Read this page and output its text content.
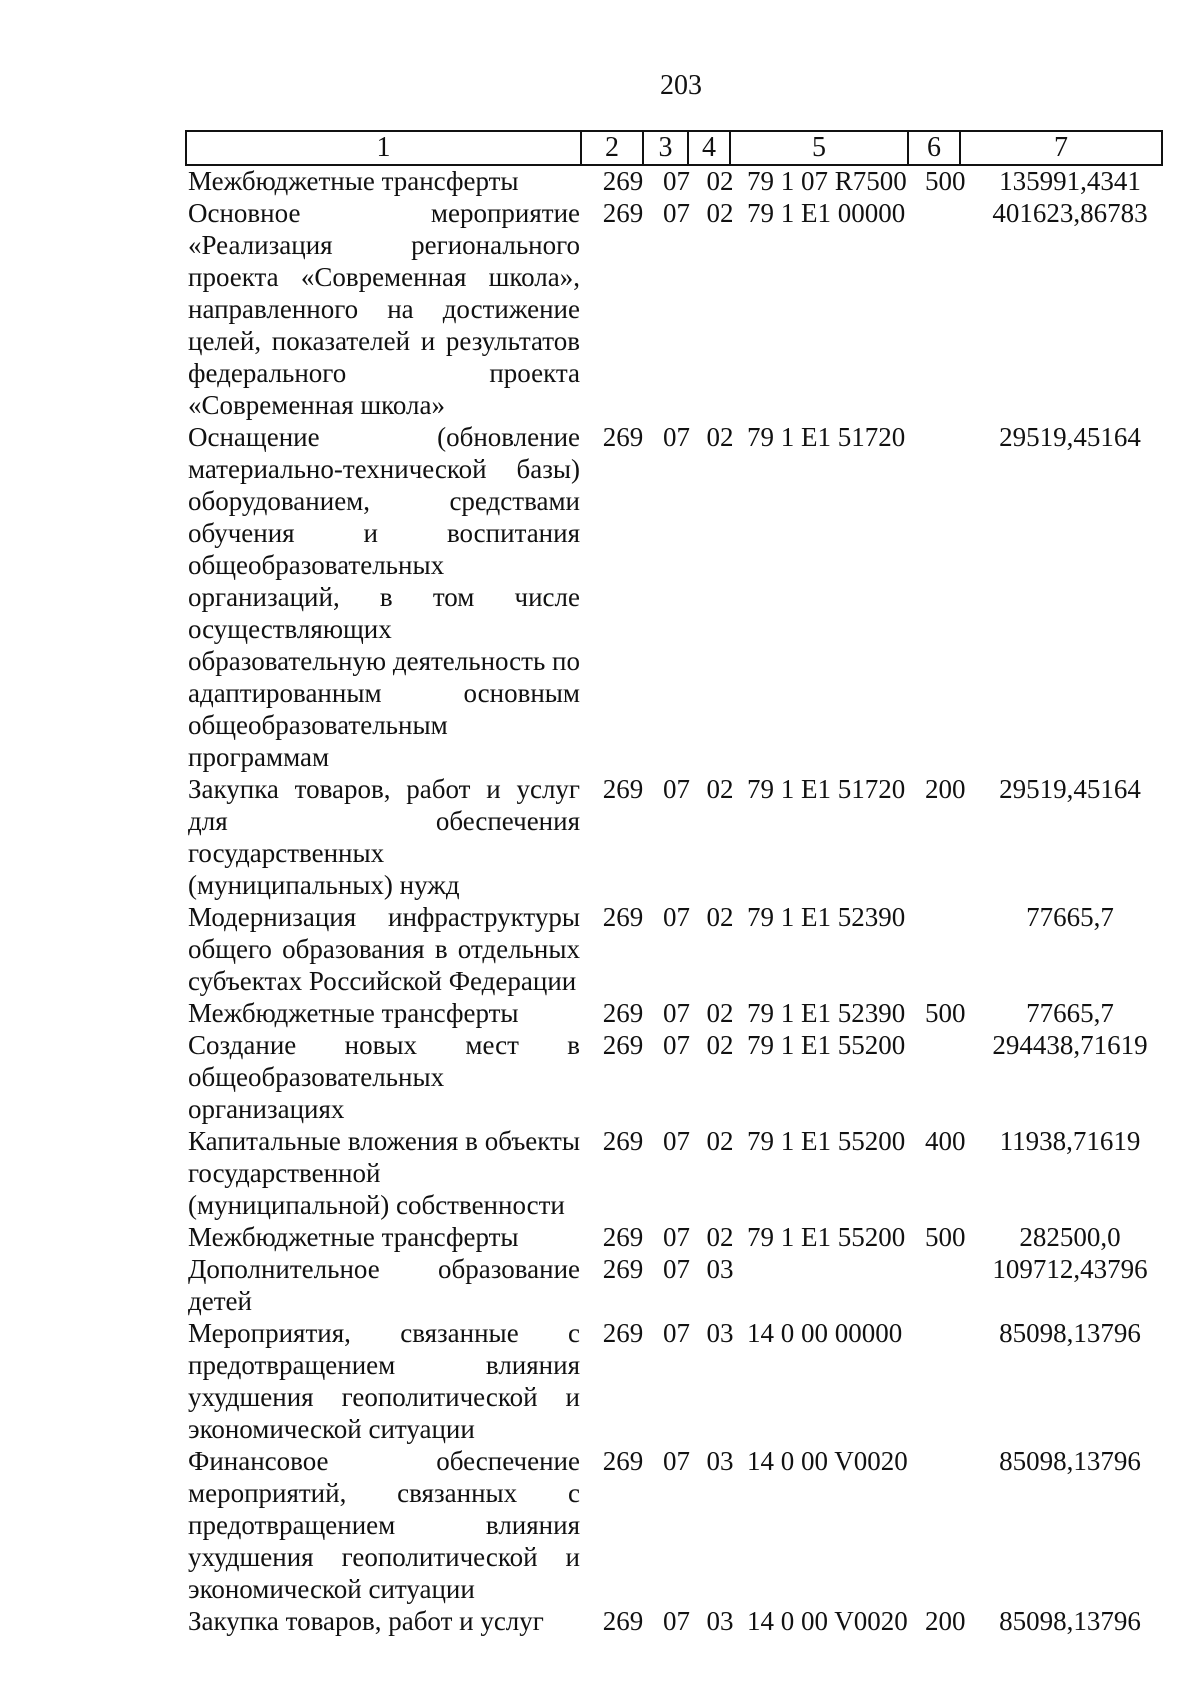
203
1	2	3	4	5	6	7
Межбюджетные трансферты	269	07	02	79 1 07 R7500	500	135991,4341
Основное мероприятие «Реализация регионального проекта «Современная школа», направленного на достижение целей, показателей и результатов федерального проекта «Современная школа»	269	07	02	79 1 E1 00000		401623,86783
Оснащение (обновление материально-технической базы) оборудованием, средствами обучения и воспитания общеобразовательных организаций, в том числе осуществляющих образовательную деятельность по адаптированным основным общеобразовательным программам	269	07	02	79 1 E1 51720		29519,45164
Закупка товаров, работ и услуг для обеспечения государственных (муниципальных) нужд	269	07	02	79 1 E1 51720	200	29519,45164
Модернизация инфраструктуры общего образования в отдельных субъектах Российской Федерации	269	07	02	79 1 E1 52390		77665,7
Межбюджетные трансферты	269	07	02	79 1 E1 52390	500	77665,7
Создание новых мест в общеобразовательных организациях	269	07	02	79 1 E1 55200		294438,71619
Капитальные вложения в объекты государственной (муниципальной) собственности	269	07	02	79 1 E1 55200	400	11938,71619
Межбюджетные трансферты	269	07	02	79 1 E1 55200	500	282500,0
Дополнительное образование детей	269	07	03			109712,43796
Мероприятия, связанные с предотвращением влияния ухудшения геополитической и экономической ситуации	269	07	03	14 0 00 00000		85098,13796
Финансовое обеспечение мероприятий, связанных с предотвращением влияния ухудшения геополитической и экономической ситуации	269	07	03	14 0 00 V0020		85098,13796
Закупка товаров, работ и услуг	269	07	03	14 0 00 V0020	200	85098,13796
